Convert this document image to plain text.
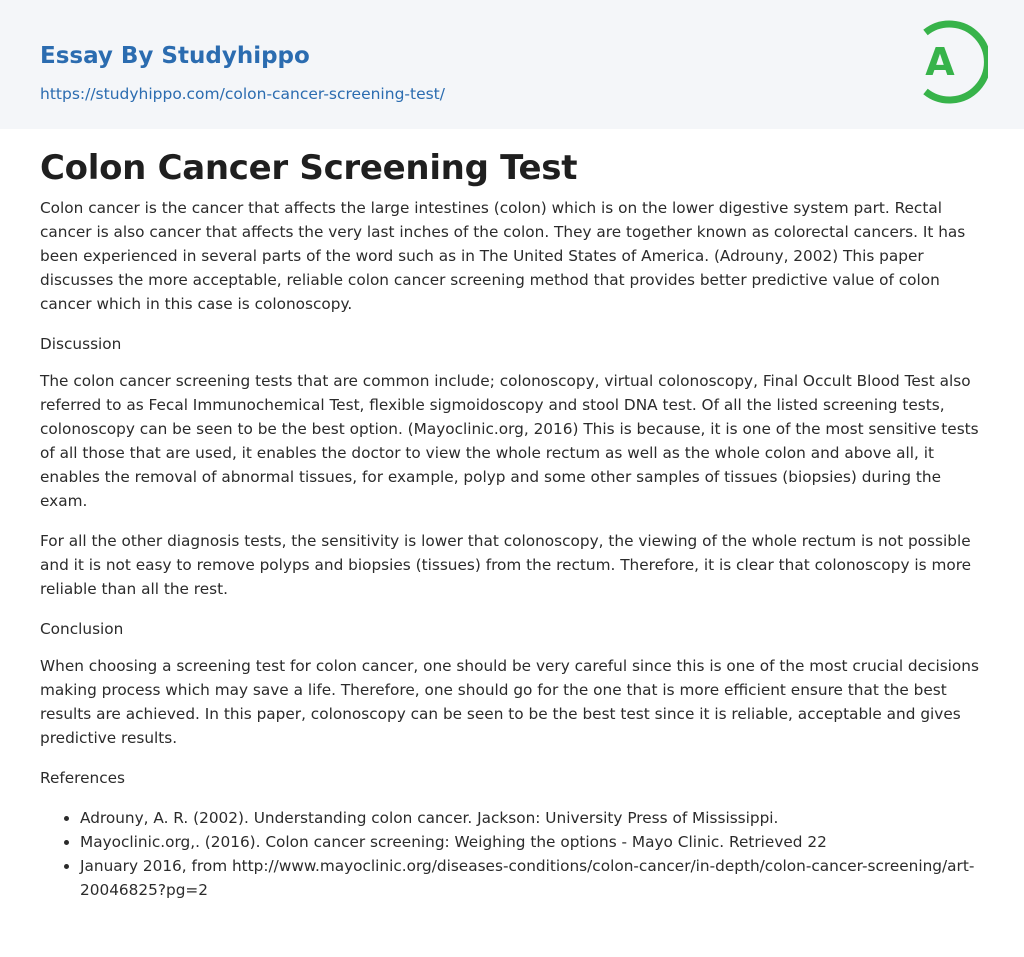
Essay By Studyhippo
https://studyhippo.com/colon-cancer-screening-test/
A
Colon Cancer Screening Test

Colon cancer is the cancer that affects the large intestines (colon) which is on the lower digestive system part. Rectal cancer is also cancer that affects the very last inches of the colon. They are together known as colorectal cancers. It has been experienced in several parts of the word such as in The United States of America. (Adrouny, 2002) This paper discusses the more acceptable, reliable colon cancer screening method that provides better predictive value of colon cancer which in this case is colonoscopy.

Discussion

The colon cancer screening tests that are common include; colonoscopy, virtual colonoscopy, Final Occult Blood Test also referred to as Fecal Immunochemical Test, flexible sigmoidoscopy and stool DNA test. Of all the listed screening tests, colonoscopy can be seen to be the best option. (Mayoclinic.org, 2016) This is because, it is one of the most sensitive tests of all those that are used, it enables the doctor to view the whole rectum as well as the whole colon and above all, it enables the removal of abnormal tissues, for example, polyp and some other samples of tissues (biopsies) during the exam.

For all the other diagnosis tests, the sensitivity is lower that colonoscopy, the viewing of the whole rectum is not possible and it is not easy to remove polyps and biopsies (tissues) from the rectum. Therefore, it is clear that colonoscopy is more reliable than all the rest.

Conclusion

When choosing a screening test for colon cancer, one should be very careful since this is one of the most crucial decisions making process which may save a life. Therefore, one should go for the one that is more efficient ensure that the best results are achieved. In this paper, colonoscopy can be seen to be the best test since it is reliable, acceptable and gives predictive results.

References

Adrouny, A. R. (2002). Understanding colon cancer. Jackson: University Press of Mississippi.
Mayoclinic.org,. (2016). Colon cancer screening: Weighing the options - Mayo Clinic. Retrieved 22
January 2016, from http://www.mayoclinic.org/diseases-conditions/colon-cancer/in-depth/colon-cancer-screening/art-20046825?pg=2
